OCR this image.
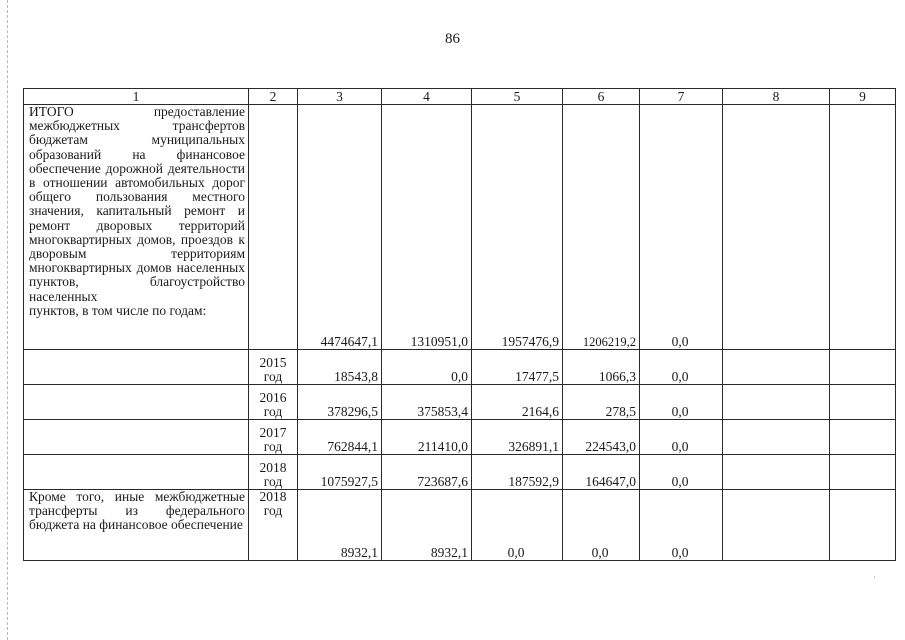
86
1	2	3	4	5	6	7	8	9
ИТОГО предоставление межбюджетных трансфертов бюджетам муниципальных образований на финансовое обеспечение дорожной деятельности в отношении автомобильных дорог общего пользования местного значения, капитальный ремонт и ремонт дворовых территорий многоквартирных домов, проездов к дворовым территориям многоквартирных домов населенных пунктов, благоустройство населенных
пунктов, в том числе по годам:		4474647,1	1310951,0	1957476,9	1206219,2	0,0		
	2015 год	18543,8	0,0	17477,5	1066,3	0,0		
	2016 год	378296,5	375853,4	2164,6	278,5	0,0		
	2017 год	762844,1	211410,0	326891,1	224543,0	0,0		
	2018 год	1075927,5	723687,6	187592,9	164647,0	0,0		
Кроме того, иные межбюджетные трансферты из федерального бюджета на финансовое обеспечение	2018 год	8932,1	8932,1	0,0	0,0	0,0		
·
